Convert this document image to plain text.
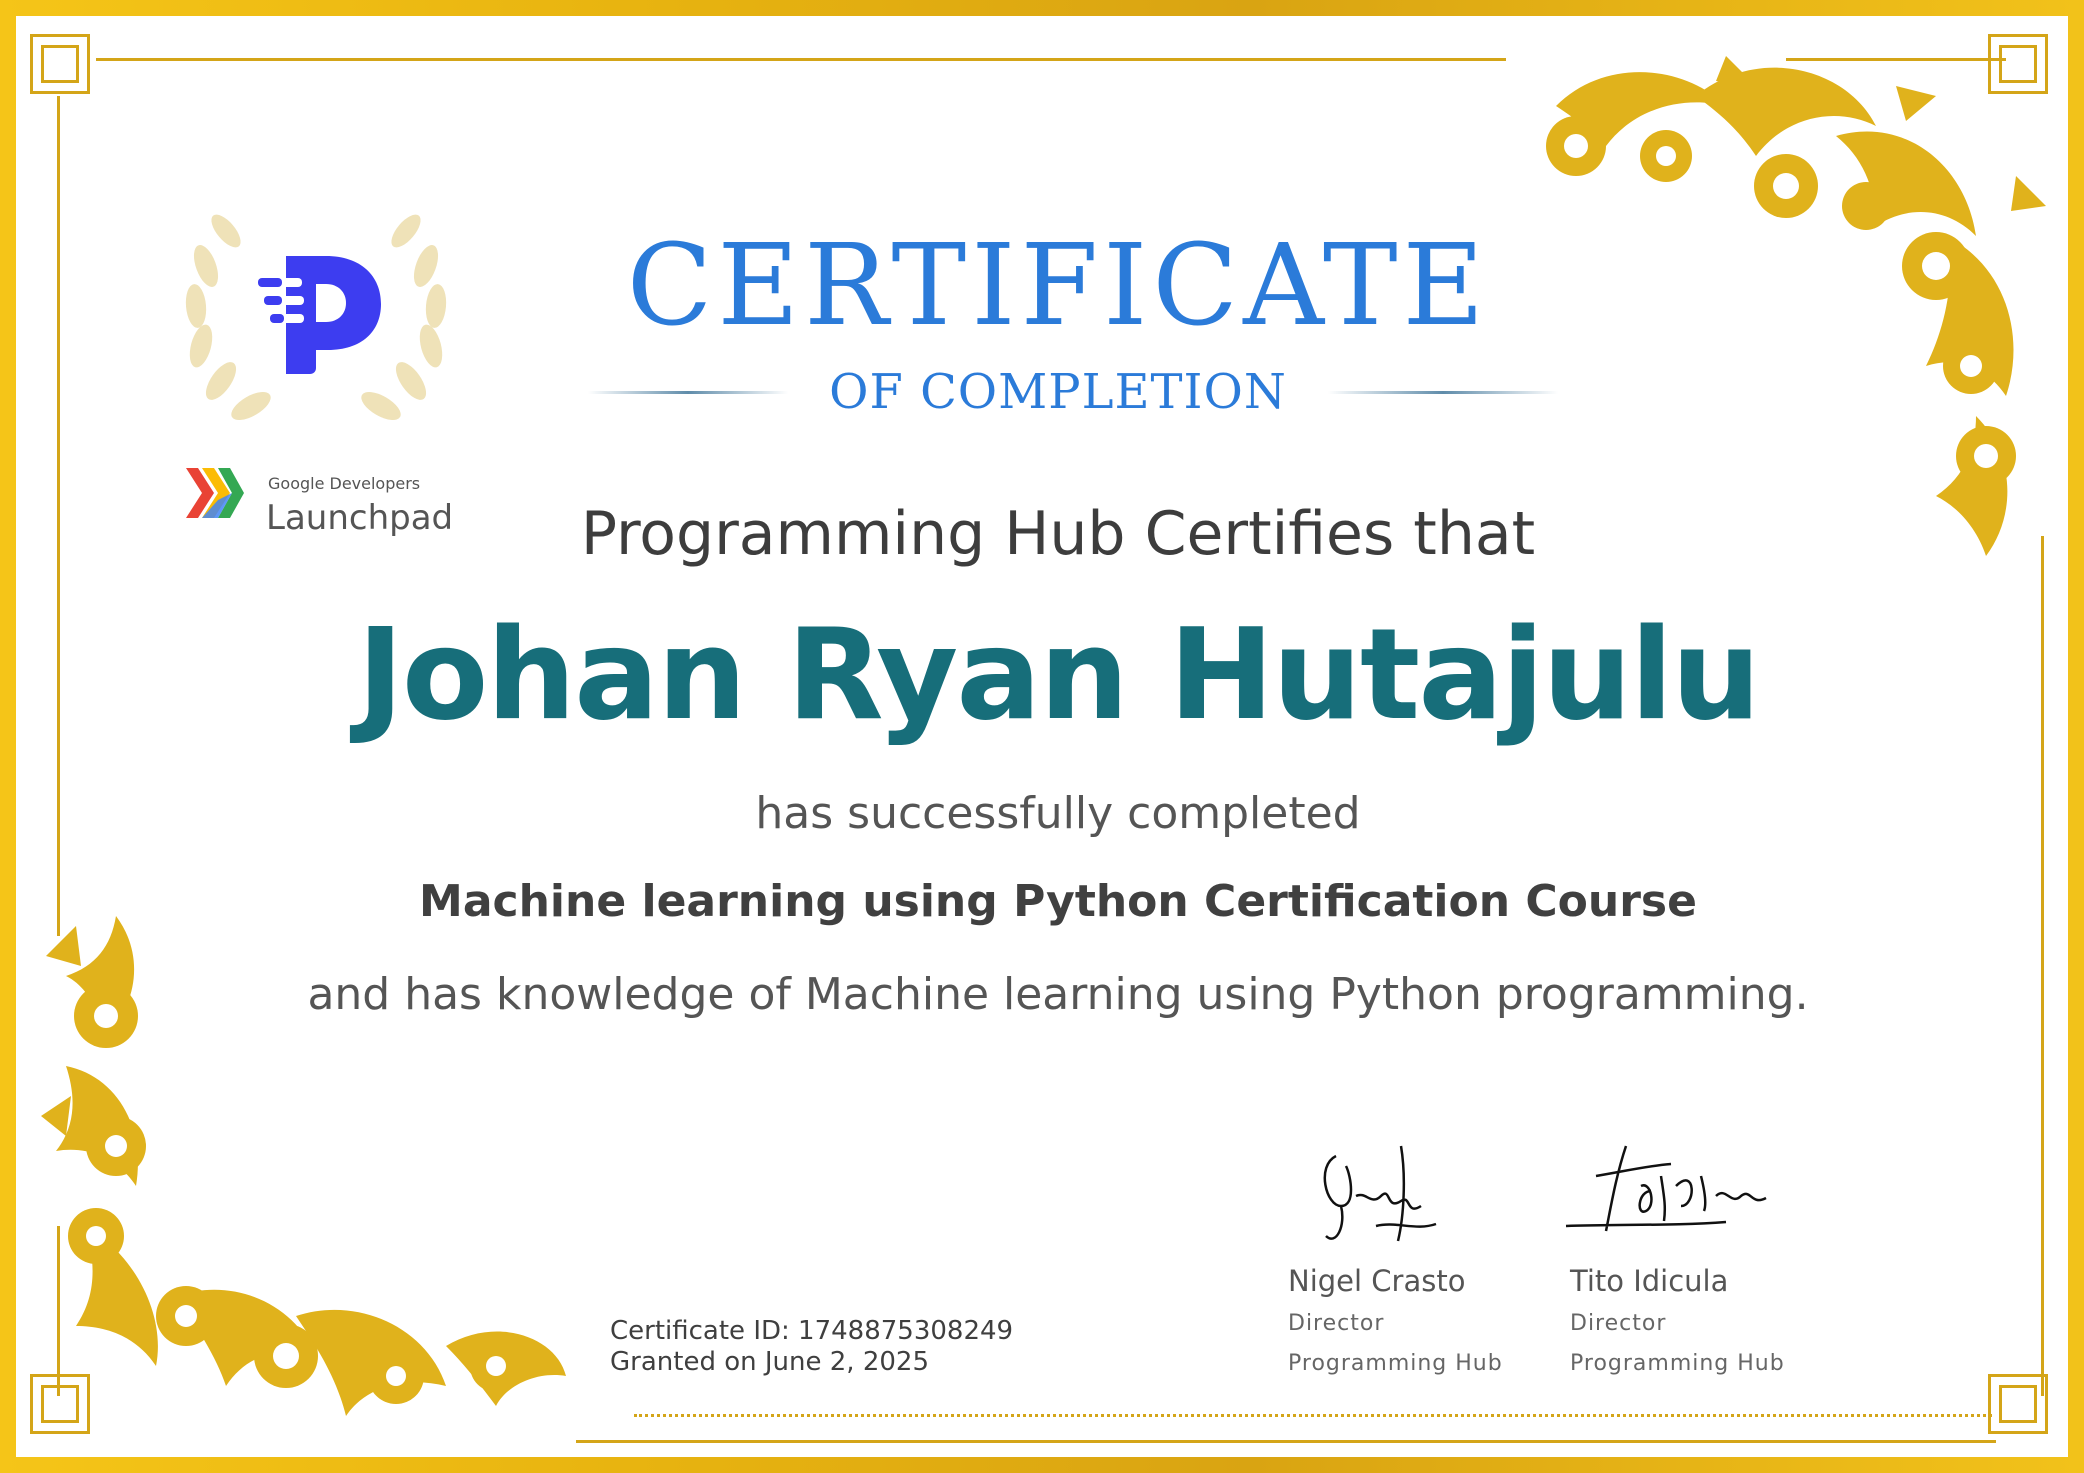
Google Developers
Launchpad
CERTIFICATE
OF COMPLETION
Programming Hub Certifies that
Johan Ryan Hutajulu
has successfully completed
Machine learning using Python Certification Course
and has knowledge of Machine learning using Python programming.
Certificate ID: 1748875308249
Granted on June 2, 2025
Nigel Crasto
Director
Programming Hub
Tito Idicula
Director
Programming Hub
